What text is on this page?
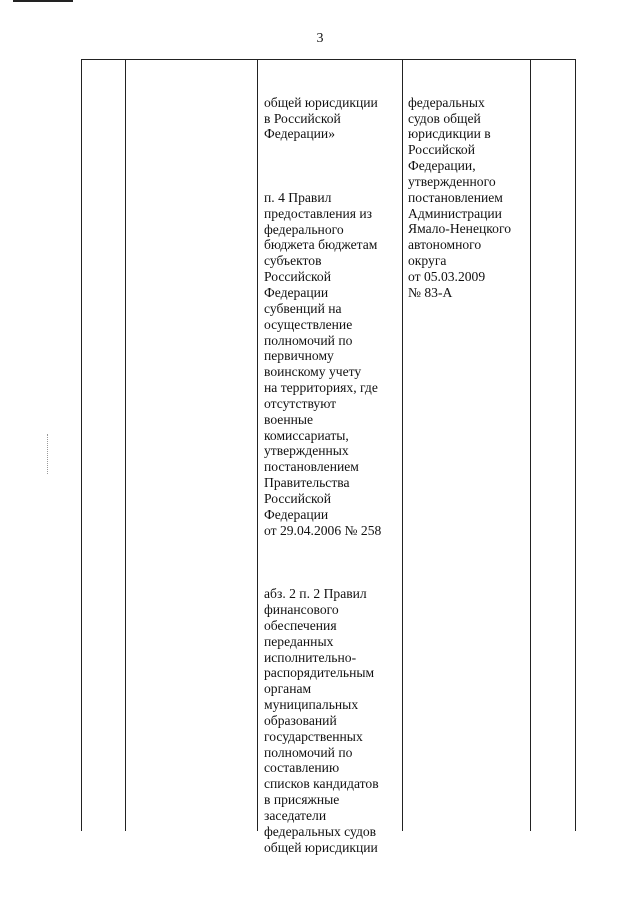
3

общей юрисдикции
в Российской
Федерации»

п. 4 Правил
предоставления из
федерального
бюджета бюджетам
субъектов
Российской
Федерации
субвенций на
осуществление
полномочий по
первичному
воинскому учету
на территориях, где
отсутствуют
военные
комиссариаты,
утвержденных
постановлением
Правительства
Российской
Федерации
от 29.04.2006 № 258

абз. 2 п. 2 Правил
финансового
обеспечения
переданных
исполнительно-
распорядительным
органам
муниципальных
образований
государственных
полномочий по
составлению
списков кандидатов
в присяжные
заседатели
федеральных судов
общей юрисдикции

федеральных
судов общей
юрисдикции в
Российской
Федерации,
утвержденного
постановлением
Администрации
Ямало-Ненецкого
автономного
округа
от 05.03.2009
№ 83-А
